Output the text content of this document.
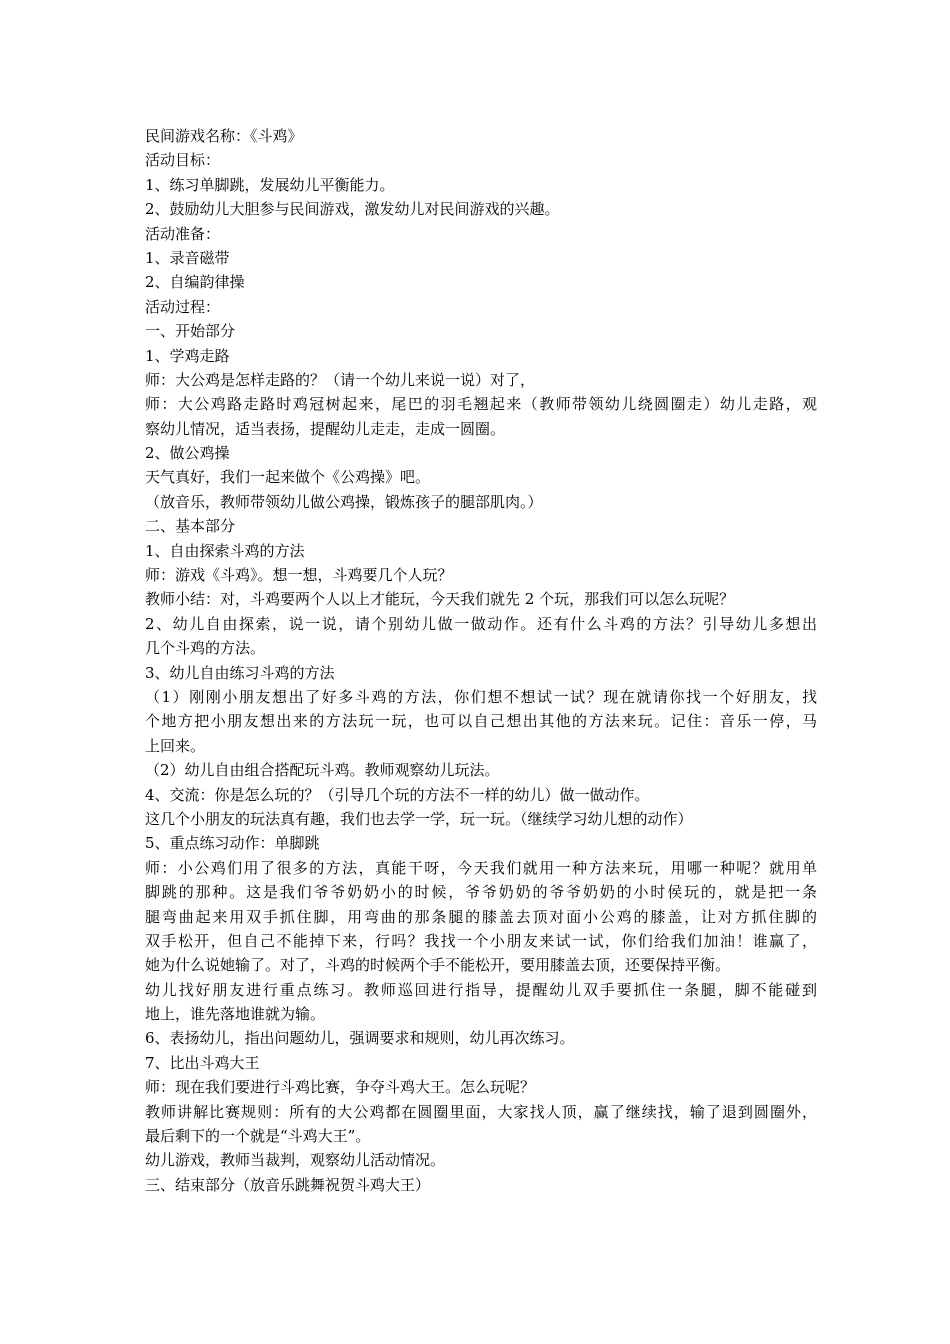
民间游戏名称：《斗鸡》
活动目标：
1、练习单脚跳，发展幼儿平衡能力。
2、鼓励幼儿大胆参与民间游戏，激发幼儿对民间游戏的兴趣。
活动准备：
1、录音磁带
2、自编韵律操
活动过程：
一、开始部分
1、学鸡走路
师：大公鸡是怎样走路的？（请一个幼儿来说一说）对了，
师：大公鸡路走路时鸡冠树起来，尾巴的羽毛翘起来（教师带领幼儿绕圆圈走）幼儿走路，观
察幼儿情况，适当表扬，提醒幼儿走走，走成一圆圈。
2、做公鸡操
天气真好，我们一起来做个《公鸡操》吧。
（放音乐，教师带领幼儿做公鸡操，锻炼孩子的腿部肌肉。）
二、基本部分
1、自由探索斗鸡的方法
师：游戏《斗鸡》。想一想，斗鸡要几个人玩？
教师小结：对，斗鸡要两个人以上才能玩，今天我们就先 2 个玩，那我们可以怎么玩呢？
2、幼儿自由探索，说一说，请个别幼儿做一做动作。还有什么斗鸡的方法？引导幼儿多想出
几个斗鸡的方法。
3、幼儿自由练习斗鸡的方法
（1）刚刚小朋友想出了好多斗鸡的方法，你们想不想试一试？现在就请你找一个好朋友，找
个地方把小朋友想出来的方法玩一玩，也可以自己想出其他的方法来玩。记住：音乐一停，马
上回来。
（2）幼儿自由组合搭配玩斗鸡。教师观察幼儿玩法。
4、交流：你是怎么玩的？（引导几个玩的方法不一样的幼儿）做一做动作。
这几个小朋友的玩法真有趣，我们也去学一学，玩一玩。（继续学习幼儿想的动作）
5、重点练习动作：单脚跳
师：小公鸡们用了很多的方法，真能干呀，今天我们就用一种方法来玩，用哪一种呢？就用单
脚跳的那种。这是我们爷爷奶奶小的时候，爷爷奶奶的爷爷奶奶的小时侯玩的，就是把一条
腿弯曲起来用双手抓住脚，用弯曲的那条腿的膝盖去顶对面小公鸡的膝盖，让对方抓住脚的
双手松开，但自己不能掉下来，行吗？我找一个小朋友来试一试，你们给我们加油！谁赢了，
她为什么说她输了。对了，斗鸡的时候两个手不能松开，要用膝盖去顶，还要保持平衡。
幼儿找好朋友进行重点练习。教师巡回进行指导，提醒幼儿双手要抓住一条腿，脚不能碰到
地上，谁先落地谁就为输。
6、表扬幼儿，指出问题幼儿，强调要求和规则，幼儿再次练习。
7、比出斗鸡大王
师：现在我们要进行斗鸡比赛，争夺斗鸡大王。怎么玩呢？
教师讲解比赛规则：所有的大公鸡都在圆圈里面，大家找人顶，赢了继续找，输了退到圆圈外，
最后剩下的一个就是“斗鸡大王”。
幼儿游戏，教师当裁判，观察幼儿活动情况。
三、结束部分（放音乐跳舞祝贺斗鸡大王）
